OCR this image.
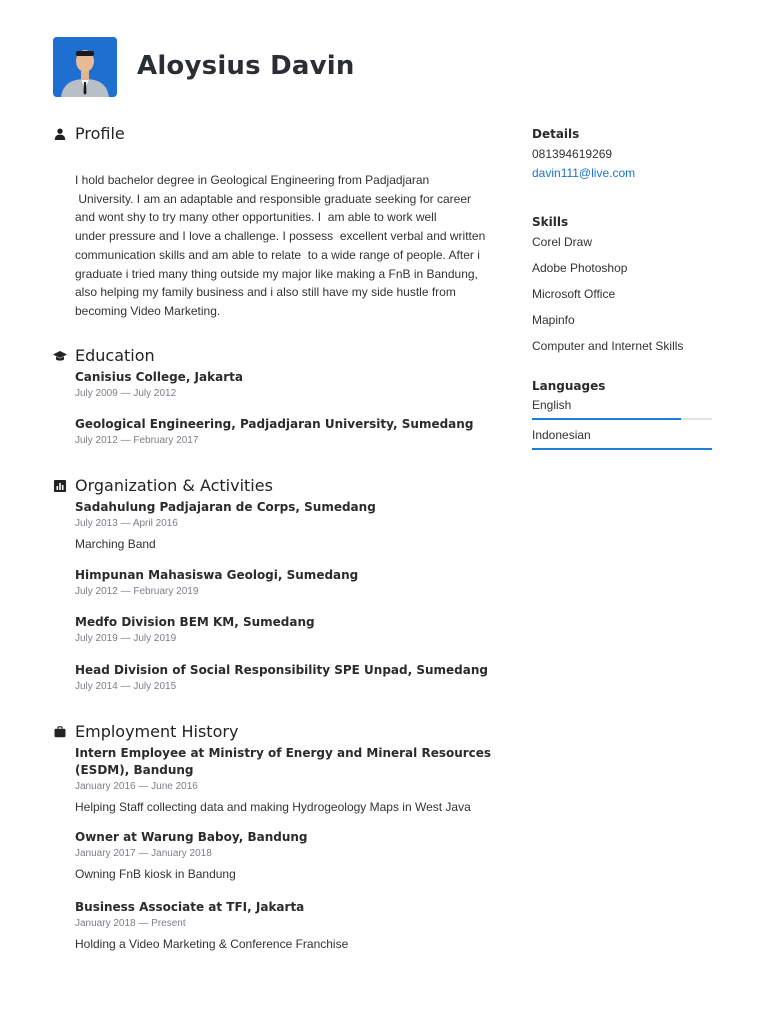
Aloysius Davin
Profile
I hold bachelor degree in Geological Engineering from Padjadjaran
University. I am an adaptable and responsible graduate seeking for career
and wont shy to try many other opportunities. I  am able to work well
under pressure and I love a challenge. I possess  excellent verbal and written
communication skills and am able to relate  to a wide range of people. After i
graduate i tried many thing outside my major like making a FnB in Bandung,
also helping my family business and i also still have my side hustle from
becoming Video Marketing.
Education
Canisius College, Jakarta
July 2009 — July 2012
Geological Engineering, Padjadjaran University, Sumedang
July 2012 — February 2017
Organization & Activities
Sadahulung Padjajaran de Corps, Sumedang
July 2013 — April 2016
Marching Band
Himpunan Mahasiswa Geologi, Sumedang
July 2012 — February 2019
Medfo Division BEM KM, Sumedang
July 2019 — July 2019
Head Division of Social Responsibility SPE Unpad, Sumedang
July 2014 — July 2015
Employment History
Intern Employee at Ministry of Energy and Mineral Resources (ESDM), Bandung
January 2016 — June 2016
Helping Staff collecting data and making Hydrogeology Maps in West Java
Owner at Warung Baboy, Bandung
January 2017 — January 2018
Owning FnB kiosk in Bandung
Business Associate at TFI, Jakarta
January 2018 — Present
Holding a Video Marketing & Conference Franchise
Details
081394619269
davin111@live.com
Skills
Corel Draw
Adobe Photoshop
Microsoft Office
Mapinfo
Computer and Internet Skills
Languages
English
Indonesian
